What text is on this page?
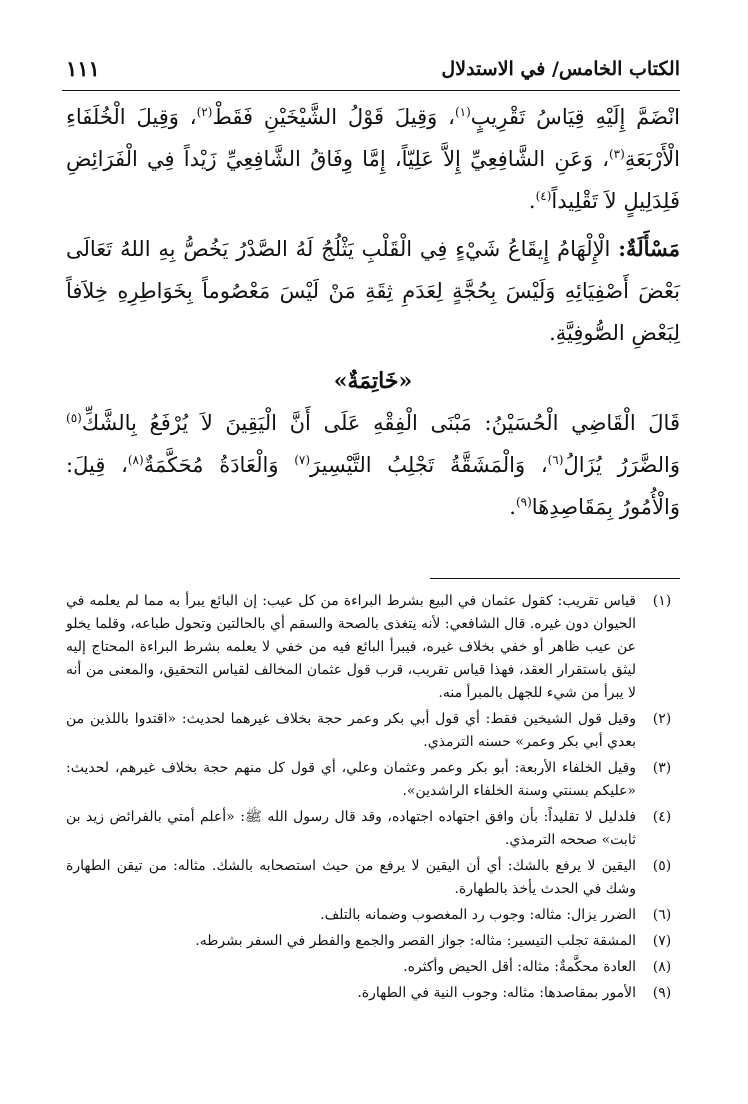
الكتاب الخامس/ في الاستدلال
١١١

انْضَمَّ إِلَيْهِ قِيَاسُ تَقْرِيبٍ$^{(١)}$، وَقِيلَ قَوْلُ الشَّيْخَيْنِ فَقَطْ$^{(٢)}$، وَقِيلَ الْخُلَفَاءِ الْأَرْبَعَةِ$^{(٣)}$، وَعَنِ الشَّافِعِيِّ إِلاَّ عَلِيّاً، إِمَّا وِفَاقُ الشَّافِعِيِّ زَيْداً فِي الْفَرَائِضِ فَلِدَلِيلٍ لاَ تَقْلِيداً$^{(٤)}$.

مَسْأَلَةٌ: الْإِلْهَامُ إِيقَاعُ شَيْءٍ فِي الْقَلْبِ يَثْلُجُ لَهُ الصَّدْرُ يَخُصُّ بِهِ اللهُ تَعَالَى بَعْضَ أَصْفِيَائِهِ وَلَيْسَ بِحُجَّةٍ لِعَدَمِ ثِقَةِ مَنْ لَيْسَ مَعْصُوماً بِخَوَاطِرِهِ خِلاَفاً لِبَعْضِ الصُّوفِيَّةِ.

«خَاتِمَةٌ»

قَالَ الْقَاضِي الْحُسَيْنُ: مَبْنَى الْفِقْهِ عَلَى أَنَّ الْيَقِينَ لاَ يُرْفَعُ بِالشَّكِّ$^{(٥)}$ وَالضَّرَرُ يُزَالُ$^{(٦)}$، وَالْمَشَقَّةُ تَجْلِبُ التَّيْسِيرَ$^{(٧)}$ وَالْعَادَةُ مُحَكَّمَةٌ$^{(٨)}$، قِيلَ: وَالْأُمُورُ بِمَقَاصِدِهَا$^{(٩)}$.

(١)
قياس تقريب: كقول عثمان في البيع بشرط البراءة من كل عيب: إن البائع يبرأ به مما لم يعلمه في الحيوان دون غيره. قال الشافعي: لأنه يتغذى بالصحة والسقم أي بالحالتين وتحول طباعه، وقلما يخلو عن عيب ظاهر أو خفي بخلاف غيره، فيبرأ البائع فيه من خفي لا يعلمه بشرط البراءة المحتاج إليه ليثق باستقرار العقد، فهذا قياس تقريب، قرب قول عثمان المخالف لقياس التحقيق، والمعنى من أنه لا يبرأ من شيء للجهل بالمبرأ منه.

(٢)
وقيل قول الشيخين فقط: أي قول أبي بكر وعمر حجة بخلاف غيرهما لحديث: «اقتدوا باللذين من بعدي أبي بكر وعمر» حسنه الترمذي.

(٣)
وقيل الخلفاء الأربعة: أبو بكر وعمر وعثمان وعلي، أي قول كل منهم حجة بخلاف غيرهم، لحديث: «عليكم بسنتي وسنة الخلفاء الراشدين».

(٤)
فلدليل لا تقليداً: بأن وافق اجتهاده اجتهاده، وقد قال رسول الله ﷺ: «أعلم أمتي بالفرائض زيد بن ثابت» صححه الترمذي.

(٥)
اليقين لا يرفع بالشك: أي أن اليقين لا يرفع من حيث استصحابه بالشك. مثاله: من تيقن الطهارة وشك في الحدث يأخذ بالطهارة.

(٦)
الضرر يزال: مثاله: وجوب رد المغصوب وضمانه بالتلف.

(٧)
المشقة تجلب التيسير: مثاله: جواز القصر والجمع والفطر في السفر بشرطه.

(٨)
العادة محكَّمةٌ: مثاله: أقل الحيض وأكثره.

(٩)
الأمور بمقاصدها: مثاله: وجوب النية في الطهارة.
